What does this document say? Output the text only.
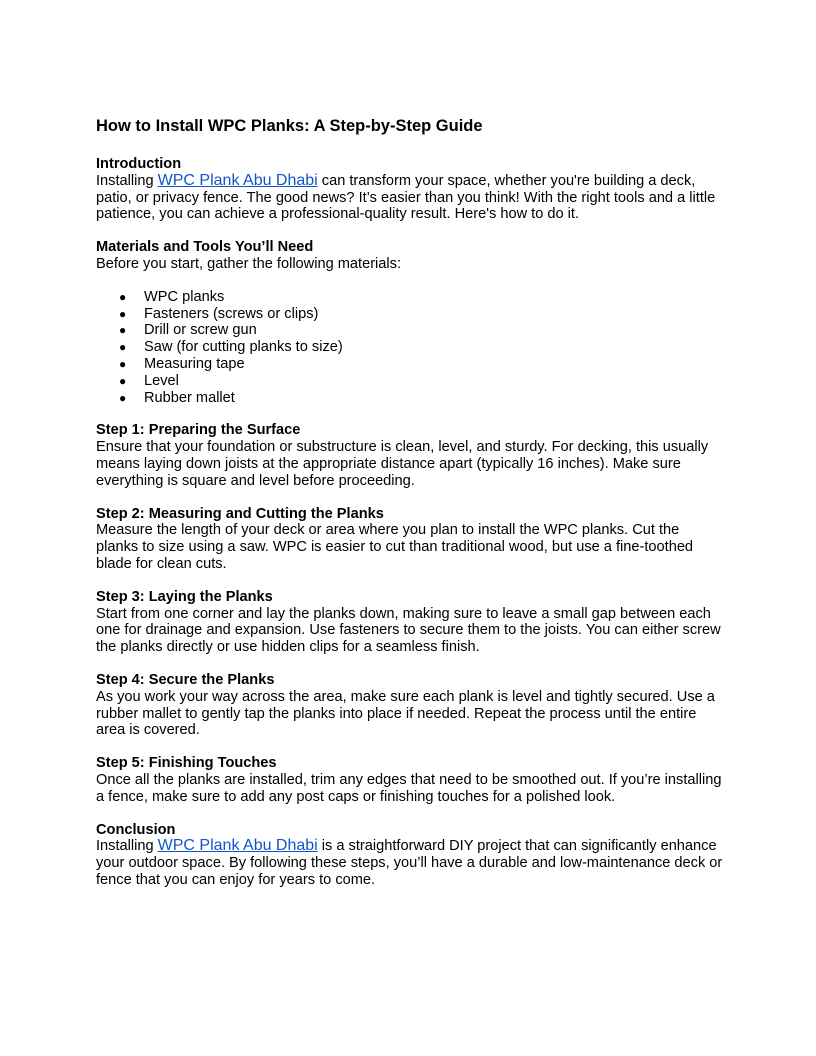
How to Install WPC Planks: A Step-by-Step Guide

Introduction

Installing WPC Plank Abu Dhabi can transform your space, whether you're building a deck, patio, or privacy fence. The good news? It’s easier than you think! With the right tools and a little patience, you can achieve a professional-quality result. Here's how to do it.

Materials and Tools You’ll Need

Before you start, gather the following materials:

● WPC planks
● Fasteners (screws or clips)
● Drill or screw gun
● Saw (for cutting planks to size)
● Measuring tape
● Level
● Rubber mallet

Step 1: Preparing the Surface

Ensure that your foundation or substructure is clean, level, and sturdy. For decking, this usually means laying down joists at the appropriate distance apart (typically 16 inches). Make sure everything is square and level before proceeding.

Step 2: Measuring and Cutting the Planks

Measure the length of your deck or area where you plan to install the WPC planks. Cut the planks to size using a saw. WPC is easier to cut than traditional wood, but use a fine-toothed blade for clean cuts.

Step 3: Laying the Planks

Start from one corner and lay the planks down, making sure to leave a small gap between each one for drainage and expansion. Use fasteners to secure them to the joists. You can either screw the planks directly or use hidden clips for a seamless finish.

Step 4: Secure the Planks

As you work your way across the area, make sure each plank is level and tightly secured. Use a rubber mallet to gently tap the planks into place if needed. Repeat the process until the entire area is covered.

Step 5: Finishing Touches

Once all the planks are installed, trim any edges that need to be smoothed out. If you’re installing a fence, make sure to add any post caps or finishing touches for a polished look.

Conclusion

Installing WPC Plank Abu Dhabi is a straightforward DIY project that can significantly enhance your outdoor space. By following these steps, you’ll have a durable and low-maintenance deck or fence that you can enjoy for years to come.
